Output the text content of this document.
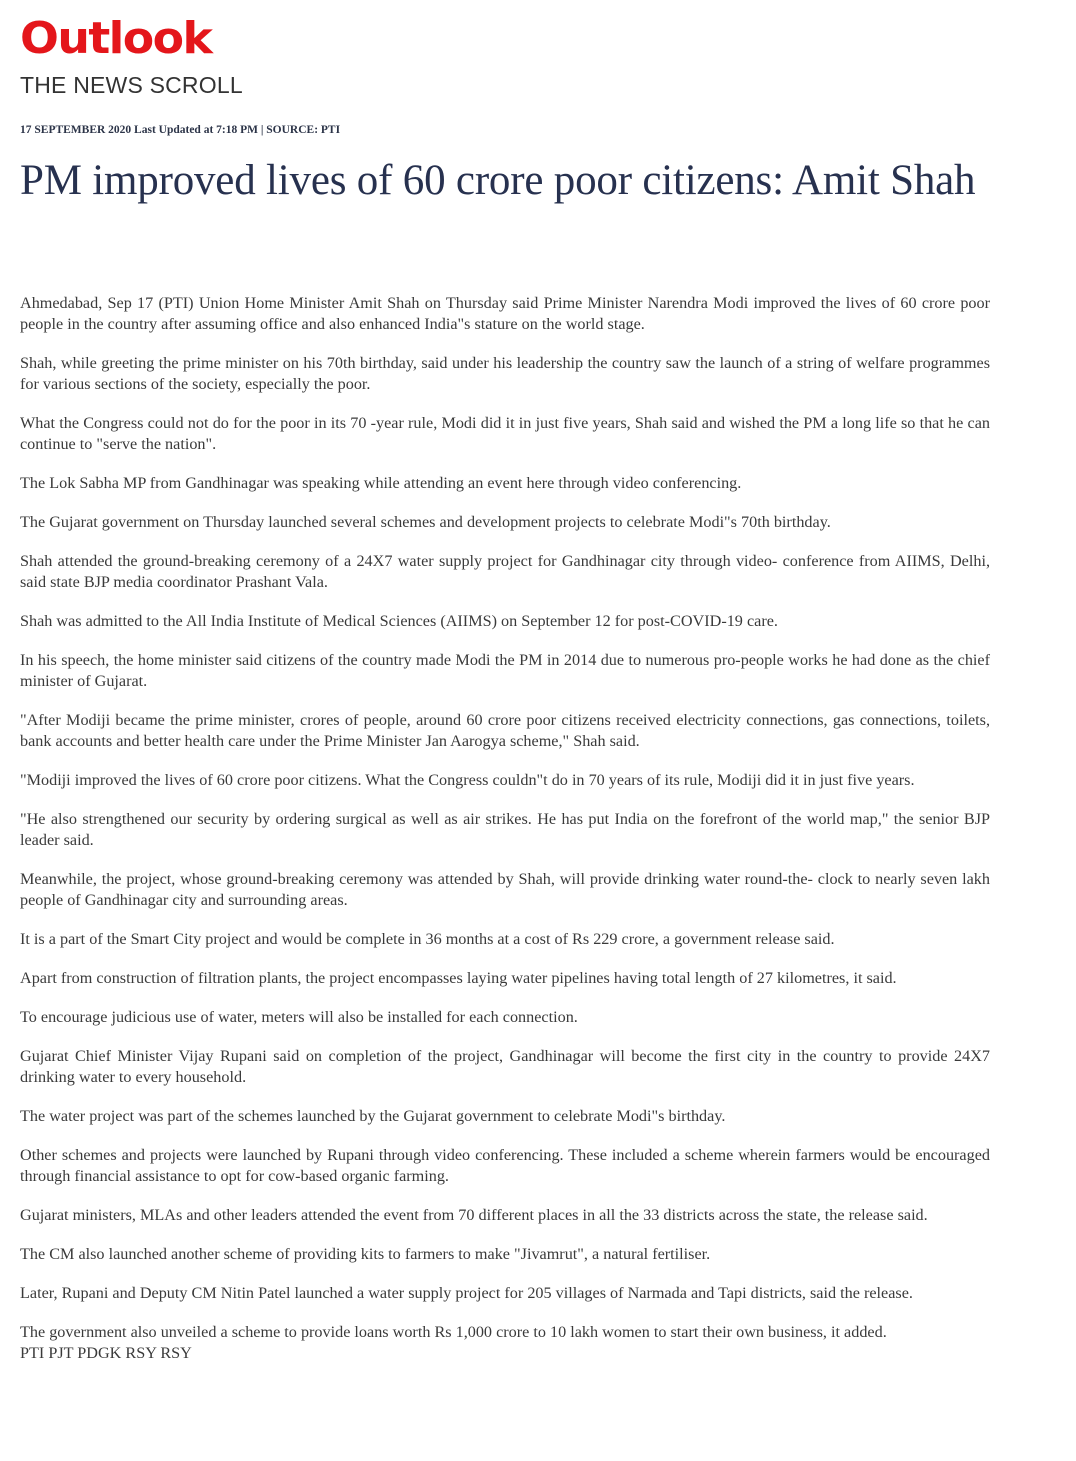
Outlook
THE NEWS SCROLL
17 SEPTEMBER 2020 Last Updated at 7:18 PM | SOURCE: PTI
PM improved lives of 60 crore poor citizens: Amit Shah

Ahmedabad, Sep 17 (PTI) Union Home Minister Amit Shah on Thursday said Prime Minister Narendra Modi improved the lives of 60 crore poor people in the country after assuming office and also enhanced India"s stature on the world stage.

Shah, while greeting the prime minister on his 70th birthday, said under his leadership the country saw the launch of a string of welfare programmes for various sections of the society, especially the poor.

What the Congress could not do for the poor in its 70 -year rule, Modi did it in just five years, Shah said and wished the PM a long life so that he can continue to "serve the nation".

The Lok Sabha MP from Gandhinagar was speaking while attending an event here through video conferencing.

The Gujarat government on Thursday launched several schemes and development projects to celebrate Modi"s 70th birthday.

Shah attended the ground-breaking ceremony of a 24X7 water supply project for Gandhinagar city through video- conference from AIIMS, Delhi, said state BJP media coordinator Prashant Vala.

Shah was admitted to the All India Institute of Medical Sciences (AIIMS) on September 12 for post-COVID-19 care.

In his speech, the home minister said citizens of the country made Modi the PM in 2014 due to numerous pro-people works he had done as the chief minister of Gujarat.

"After Modiji became the prime minister, crores of people, around 60 crore poor citizens received electricity connections, gas connections, toilets, bank accounts and better health care under the Prime Minister Jan Aarogya scheme," Shah said.

"Modiji improved the lives of 60 crore poor citizens. What the Congress couldn"t do in 70 years of its rule, Modiji did it in just five years.

"He also strengthened our security by ordering surgical as well as air strikes. He has put India on the forefront of the world map," the senior BJP leader said.

Meanwhile, the project, whose ground-breaking ceremony was attended by Shah, will provide drinking water round-the- clock to nearly seven lakh people of Gandhinagar city and surrounding areas.

It is a part of the Smart City project and would be complete in 36 months at a cost of Rs 229 crore, a government release said.

Apart from construction of filtration plants, the project encompasses laying water pipelines having total length of 27 kilometres, it said.

To encourage judicious use of water, meters will also be installed for each connection.

Gujarat Chief Minister Vijay Rupani said on completion of the project, Gandhinagar will become the first city in the country to provide 24X7 drinking water to every household.

The water project was part of the schemes launched by the Gujarat government to celebrate Modi"s birthday.

Other schemes and projects were launched by Rupani through video conferencing. These included a scheme wherein farmers would be encouraged through financial assistance to opt for cow-based organic farming.

Gujarat ministers, MLAs and other leaders attended the event from 70 different places in all the 33 districts across the state, the release said.

The CM also launched another scheme of providing kits to farmers to make "Jivamrut", a natural fertiliser.

Later, Rupani and Deputy CM Nitin Patel launched a water supply project for 205 villages of Narmada and Tapi districts, said the release.

The government also unveiled a scheme to provide loans worth Rs 1,000 crore to 10 lakh women to start their own business, it added.

PTI PJT PDGK RSY RSY
